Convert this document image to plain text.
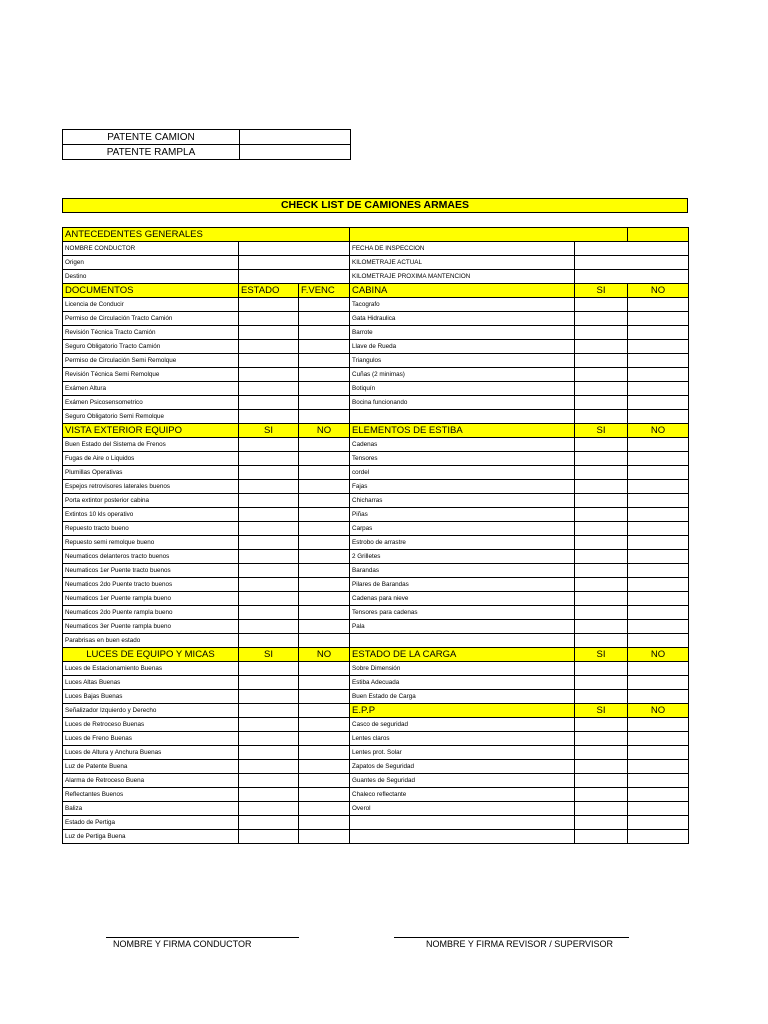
PATENTE CAMION	
PATENTE RAMPLA	
CHECK LIST DE CAMIONES ARMAES
ANTECEDENTES GENERALES					
NOMBRE CONDUCTOR			FECHA DE INSPECCION		
Origen			KILOMETRAJE ACTUAL		
Destino			KILOMETRAJE PROXIMA MANTENCION		
DOCUMENTOS	ESTADO	F.VENC	CABINA	SI	NO
Licencia de Conducir			Tacografo		
Permiso de Circulación Tracto Camión			Gata Hidraulica		
Revisión Técnica Tracto Camión			Barrote		
Seguro Obligatorio Tracto Camión			Llave de Rueda		
Permiso de Circulación Semi Remolque			Triangulos		
Revisión Técnica Semi Remolque			Cuñas (2 minimas)		
Exámen Altura			Botiquín		
Exámen Psicosensometrico			Bocina funcionando		
Seguro Obligatorio Semi Remolque					
VISTA EXTERIOR EQUIPO	SI	NO	ELEMENTOS DE ESTIBA	SI	NO
Buen Estado del Sistema de Frenos			Cadenas		
Fugas de Aire o Liquidos			Tensores		
Plumillas Operativas			cordel		
Espejos retrovisores laterales buenos			Fajas		
Porta extintor posterior cabina			Chicharras		
Extintos 10 kls operativo			Piñas		
Repuesto tracto bueno			Carpas		
Repuesto semi remolque bueno			Estrobo de arrastre		
Neumaticos delanteros tracto buenos			2 Grilletes		
Neumaticos 1er Puente tracto buenos			Barandas		
Neumaticos 2do Puente tracto buenos			Pilares de Barandas		
Neumaticos 1er Puente rampla bueno			Cadenas para nieve		
Neumaticos 2do Puente rampla bueno			Tensores para cadenas		
Neumaticos 3er Puente rampla bueno			Pala		
Parabrisas en buen estado					
LUCES DE EQUIPO Y MICAS	SI	NO	ESTADO DE LA CARGA	SI	NO
Luces de Estacionamiento Buenas			Sobre Dimensión		
Luces Altas Buenas			Estiba Adecuada		
Luces Bajas Buenas			Buen Estado de Carga		
Señalizador Izquierdo y Derecho			E.P.P	SI	NO
Luces de Retroceso Buenas			Casco de seguridad		
Luces de Freno Buenas			Lentes claros		
Luces de Altura y Anchura Buenas			Lentes prot. Solar		
Luz de Patente Buena			Zapatos de Seguridad		
Alarma de Retroceso Buena			Guantes de Seguridad		
Reflectantes Buenos			Chaleco reflectante		
Baliza			Overol		
Estado de Pertiga					
Luz de Pertiga Buena					
NOMBRE Y FIRMA CONDUCTOR	NOMBRE Y FIRMA REVISOR / SUPERVISOR
